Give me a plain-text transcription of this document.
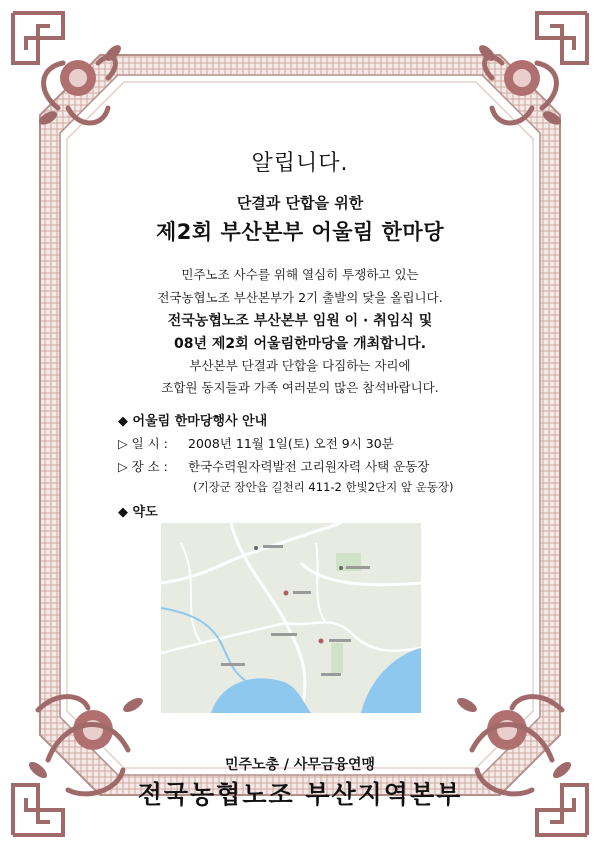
알립니다.
단결과 단합을 위한
제2회 부산본부 어울림 한마당
민주노조 사수를 위해 열심히 투쟁하고 있는
전국농협노조 부산본부가 2기 출발의 닻을 올립니다.
전국농협노조 부산본부 임원 이 · 취임식 및
08년 제2회 어울림한마당을 개최합니다.
부산본부 단결과 단합을 다짐하는 자리에
조합원 동지들과 가족 여러분의 많은 참석바랍니다.
◆ 어울림 한마당행사 안내
▷ 일 시 : 2008년 11월 1일(토) 오전 9시 30분
▷ 장 소 : 한국수력원자력발전 고리원자력 사택 운동장
(기장군 장안읍 길천리 411-2 한빛2단지 앞 운동장)
◆ 약도
민주노총 / 사무금융연맹
전국농협노조 부산지역본부
